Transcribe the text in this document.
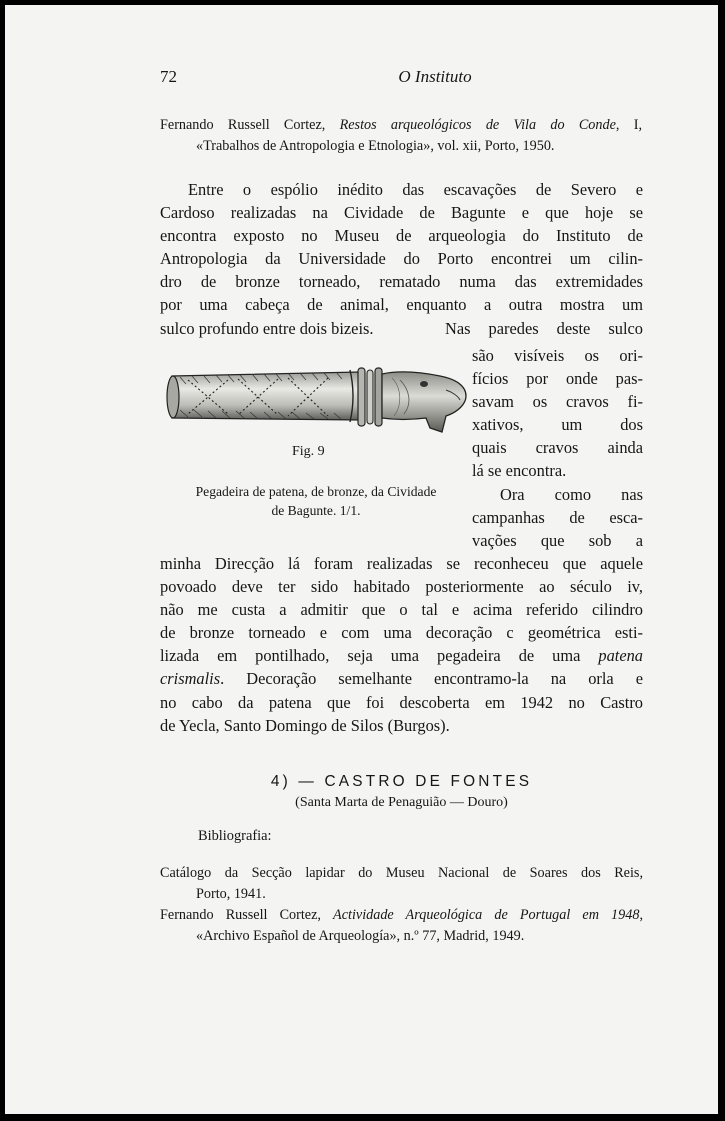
72	O Instituto
Fernando Russell Cortez, Restos arqueológicos de Vila do Conde, I,
«Trabalhos de Antropologia e Etnologia», vol. xii, Porto, 1950.
Entre o espólio inédito das escavações de Severo e
Cardoso realizadas na Cividade de Bagunte e que hoje se
encontra exposto no Museu de arqueologia do Instituto de
Antropologia da Universidade do Porto encontrei um cilin-
dro de bronze torneado, rematado numa das extremidades
por uma cabeça de animal, enquanto a outra mostra um
sulco profundo entre dois bizeis.	Nas paredes deste sulco
são visíveis os ori-
fícios por onde pas-
savam os cravos fi-
xativos, um dos
quais cravos ainda
lá se encontra.
Ora como nas
campanhas de esca-
vações que sob a
Fig. 9
Pegadeira de patena, de bronze, da Cividade
de Bagunte. 1/1.
minha Direcção lá foram realizadas se reconheceu que aquele
povoado deve ter sido habitado posteriormente ao século iv,
não me custa a admitir que o tal e acima referido cilindro
de bronze torneado e com uma decoração c geométrica esti-
lizada em pontilhado, seja uma pegadeira de uma patena
crismalis. Decoração semelhante encontramo-la na orla e
no cabo da patena que foi descoberta em 1942 no Castro
de Yecla, Santo Domingo de Silos (Burgos).
4) — CASTRO DE FONTES
(Santa Marta de Penaguião — Douro)
Bibliografia:
Catálogo da Secção lapidar do Museu Nacional de Soares dos Reis,
Porto, 1941.
Fernando Russell Cortez, Actividade Arqueológica de Portugal em 1948,
«Archivo Español de Arqueología», n.º 77, Madrid, 1949.
